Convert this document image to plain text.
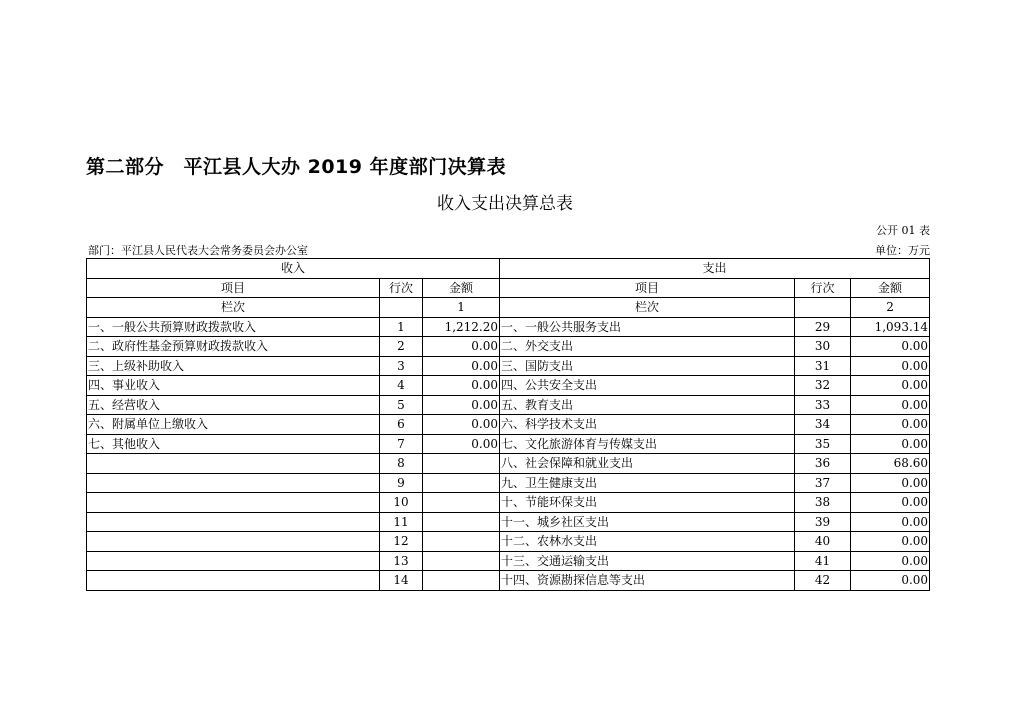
第二部分　平江县人大办 2019 年度部门决算表
收入支出决算总表
公开 01 表
部门：平江县人民代表大会常务委员会办公室	单位：万元
收入			支出		
项目	行次	金额	项目	行次	金额
栏次		1	栏次		2
一、一般公共预算财政拨款收入	1	1,212.20	一、一般公共服务支出	29	1,093.14
二、政府性基金预算财政拨款收入	2	0.00	二、外交支出	30	0.00
三、上级补助收入	3	0.00	三、国防支出	31	0.00
四、事业收入	4	0.00	四、公共安全支出	32	0.00
五、经营收入	5	0.00	五、教育支出	33	0.00
六、附属单位上缴收入	6	0.00	六、科学技术支出	34	0.00
七、其他收入	7	0.00	七、文化旅游体育与传媒支出	35	0.00
	8		八、社会保障和就业支出	36	68.60
	9		九、卫生健康支出	37	0.00
	10		十、节能环保支出	38	0.00
	11		十一、城乡社区支出	39	0.00
	12		十二、农林水支出	40	0.00
	13		十三、交通运输支出	41	0.00
	14		十四、资源勘探信息等支出	42	0.00
